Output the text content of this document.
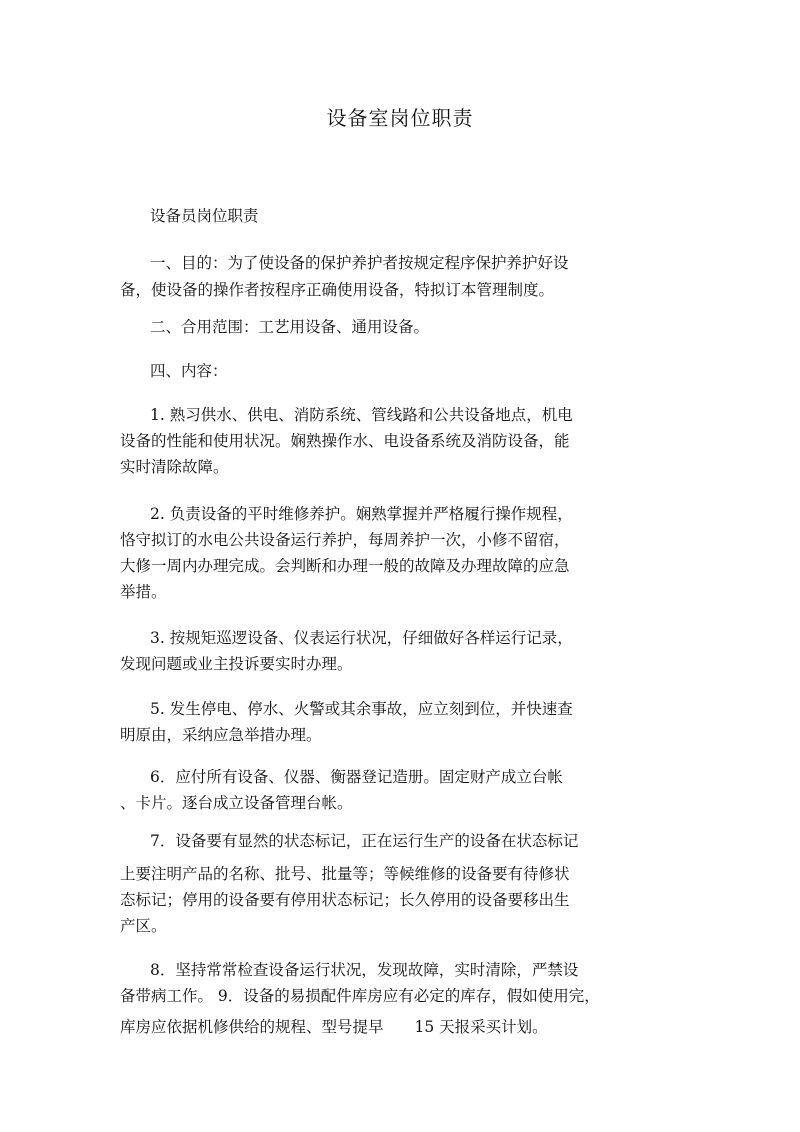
设备室岗位职责
设备员岗位职责
一、目的：为了使设备的保护养护者按规定程序保护养护好设
备，使设备的操作者按程序正确使用设备，特拟订本管理制度。
二、合用范围：工艺用设备、通用设备。
四、内容：
1. 熟习供水、供电、消防系统、管线路和公共设备地点，机电
设备的性能和使用状况。娴熟操作水、电设备系统及消防设备，能
实时清除故障。
2. 负责设备的平时维修养护。娴熟掌握并严格履行操作规程，
恪守拟订的水电公共设备运行养护，每周养护一次，小修不留宿，
大修一周内办理完成。会判断和办理一般的故障及办理故障的应急
举措。
3. 按规矩巡逻设备、仪表运行状况，仔细做好各样运行记录，
发现问题或业主投诉要实时办理。
5. 发生停电、停水、火警或其余事故，应立刻到位，并快速查
明原由，采纳应急举措办理。
6．应付所有设备、仪器、衡器登记造册。固定财产成立台帐
、卡片。逐台成立设备管理台帐。
7．设备要有显然的状态标记，正在运行生产的设备在状态标记
上要注明产品的名称、批号、批量等；等候维修的设备要有待修状
态标记；停用的设备要有停用状态标记；长久停用的设备要移出生
产区。
8．坚持常常检查设备运行状况，发现故障，实时清除，严禁设
备带病工作。 9．设备的易损配件库房应有必定的库存，假如使用完，
库房应依据机修供给的规程、型号提早　　15 天报采买计划。
